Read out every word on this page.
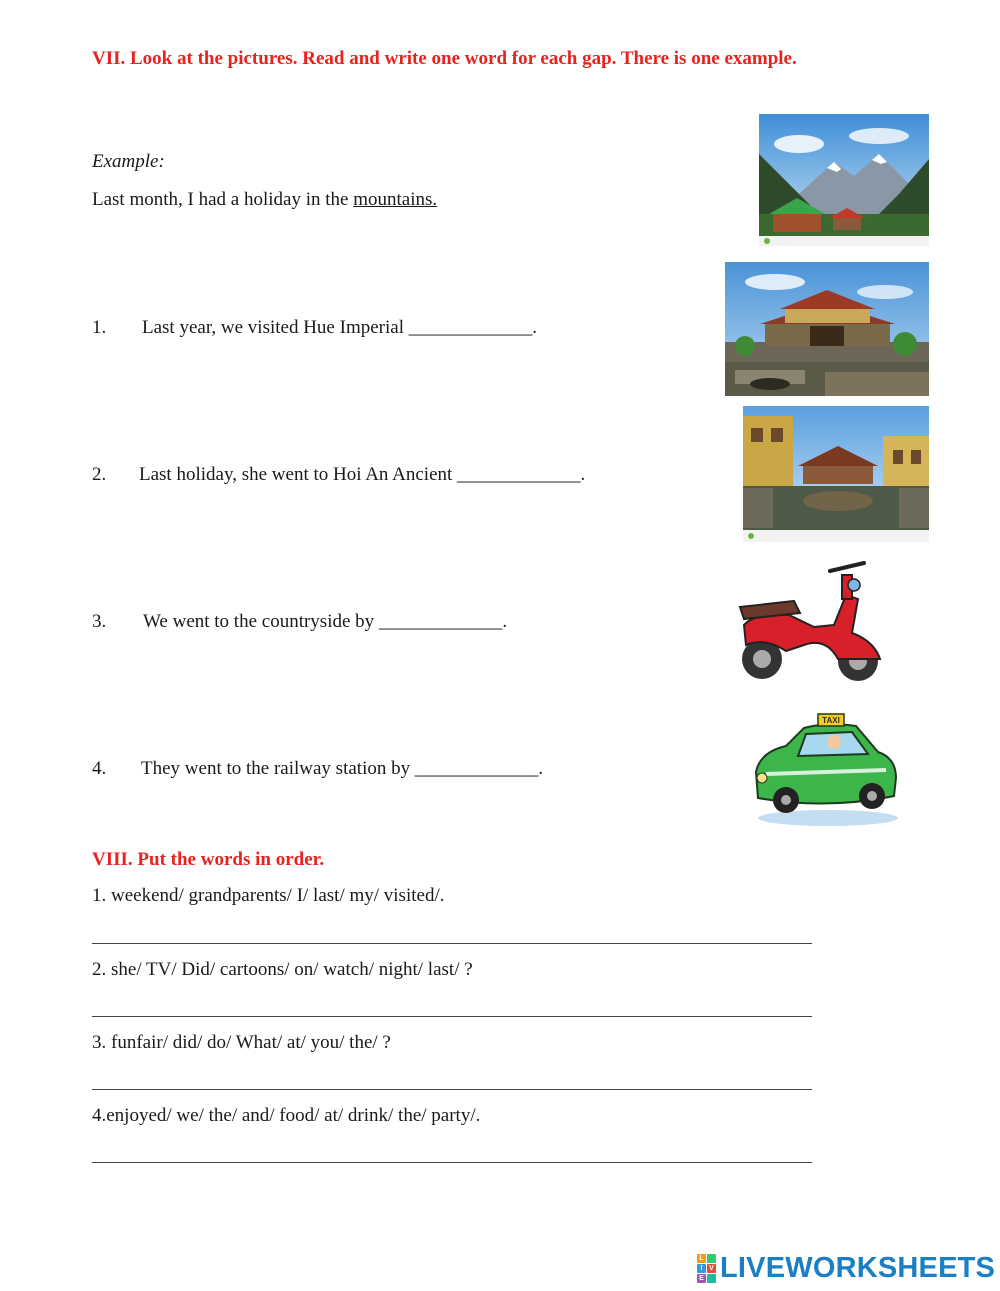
VII. Look at the pictures. Read and write one word for each gap. There is one example.
Example:
Last month, I had a holiday in the mountains.
1. Last year, we visited Hue Imperial _____________.
2. Last holiday, she went to Hoi An Ancient _____________.
3. We went to the countryside by _____________.
4. They went to the railway station by _____________.
TAXI
VIII. Put the words in order.
1. weekend/ grandparents/ I/ last/ my/ visited/.
2. she/ TV/ Did/ cartoons/ on/ watch/ night/ last/ ?
3. funfair/ did/ do/ What/ at/ you/ the/ ?
4.enjoyed/ we/ the/ and/ food/ at/ drink/ the/ party/.
L
I V
E LIVEWORKSHEETS
